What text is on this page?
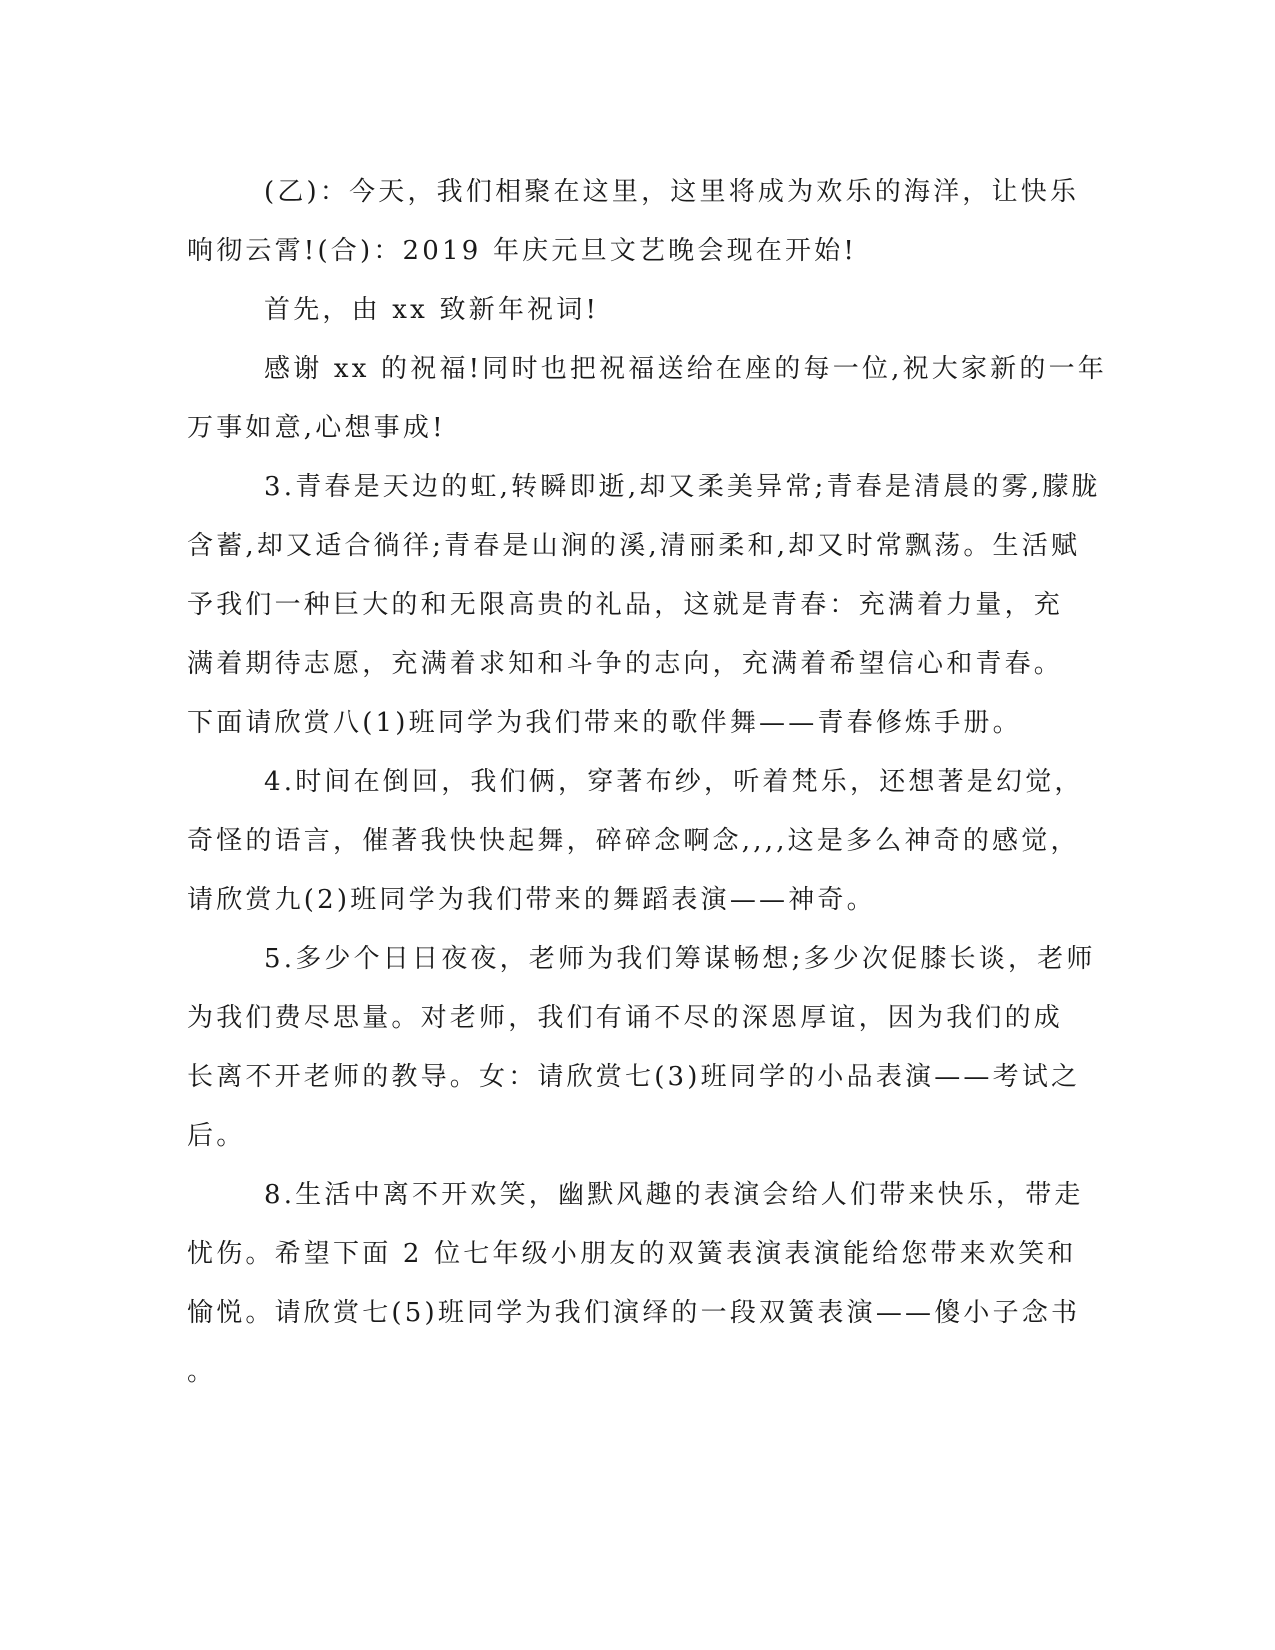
(乙)：今天，我们相聚在这里，这里将成为欢乐的海洋，让快乐
响彻云霄!(合)：2019 年庆元旦文艺晚会现在开始!
首先，由 xx 致新年祝词!
感谢 xx 的祝福!同时也把祝福送给在座的每一位,祝大家新的一年
万事如意,心想事成!
3.青春是天边的虹,转瞬即逝,却又柔美异常;青春是清晨的雾,朦胧
含蓄,却又适合徜徉;青春是山涧的溪,清丽柔和,却又时常飘荡。生活赋
予我们一种巨大的和无限高贵的礼品，这就是青春：充满着力量，充
满着期待志愿，充满着求知和斗争的志向，充满着希望信心和青春。
下面请欣赏八(1)班同学为我们带来的歌伴舞——青春修炼手册。
4.时间在倒回，我们俩，穿著布纱，听着梵乐，还想著是幻觉，
奇怪的语言，催著我快快起舞，碎碎念啊念,,,,这是多么神奇的感觉，
请欣赏九(2)班同学为我们带来的舞蹈表演——神奇。
5.多少个日日夜夜，老师为我们筹谋畅想;多少次促膝长谈，老师
为我们费尽思量。对老师，我们有诵不尽的深恩厚谊，因为我们的成
长离不开老师的教导。女：请欣赏七(3)班同学的小品表演——考试之
后。
8.生活中离不开欢笑，幽默风趣的表演会给人们带来快乐，带走
忧伤。希望下面 2 位七年级小朋友的双簧表演表演能给您带来欢笑和
愉悦。请欣赏七(5)班同学为我们演绎的一段双簧表演——傻小子念书
。
